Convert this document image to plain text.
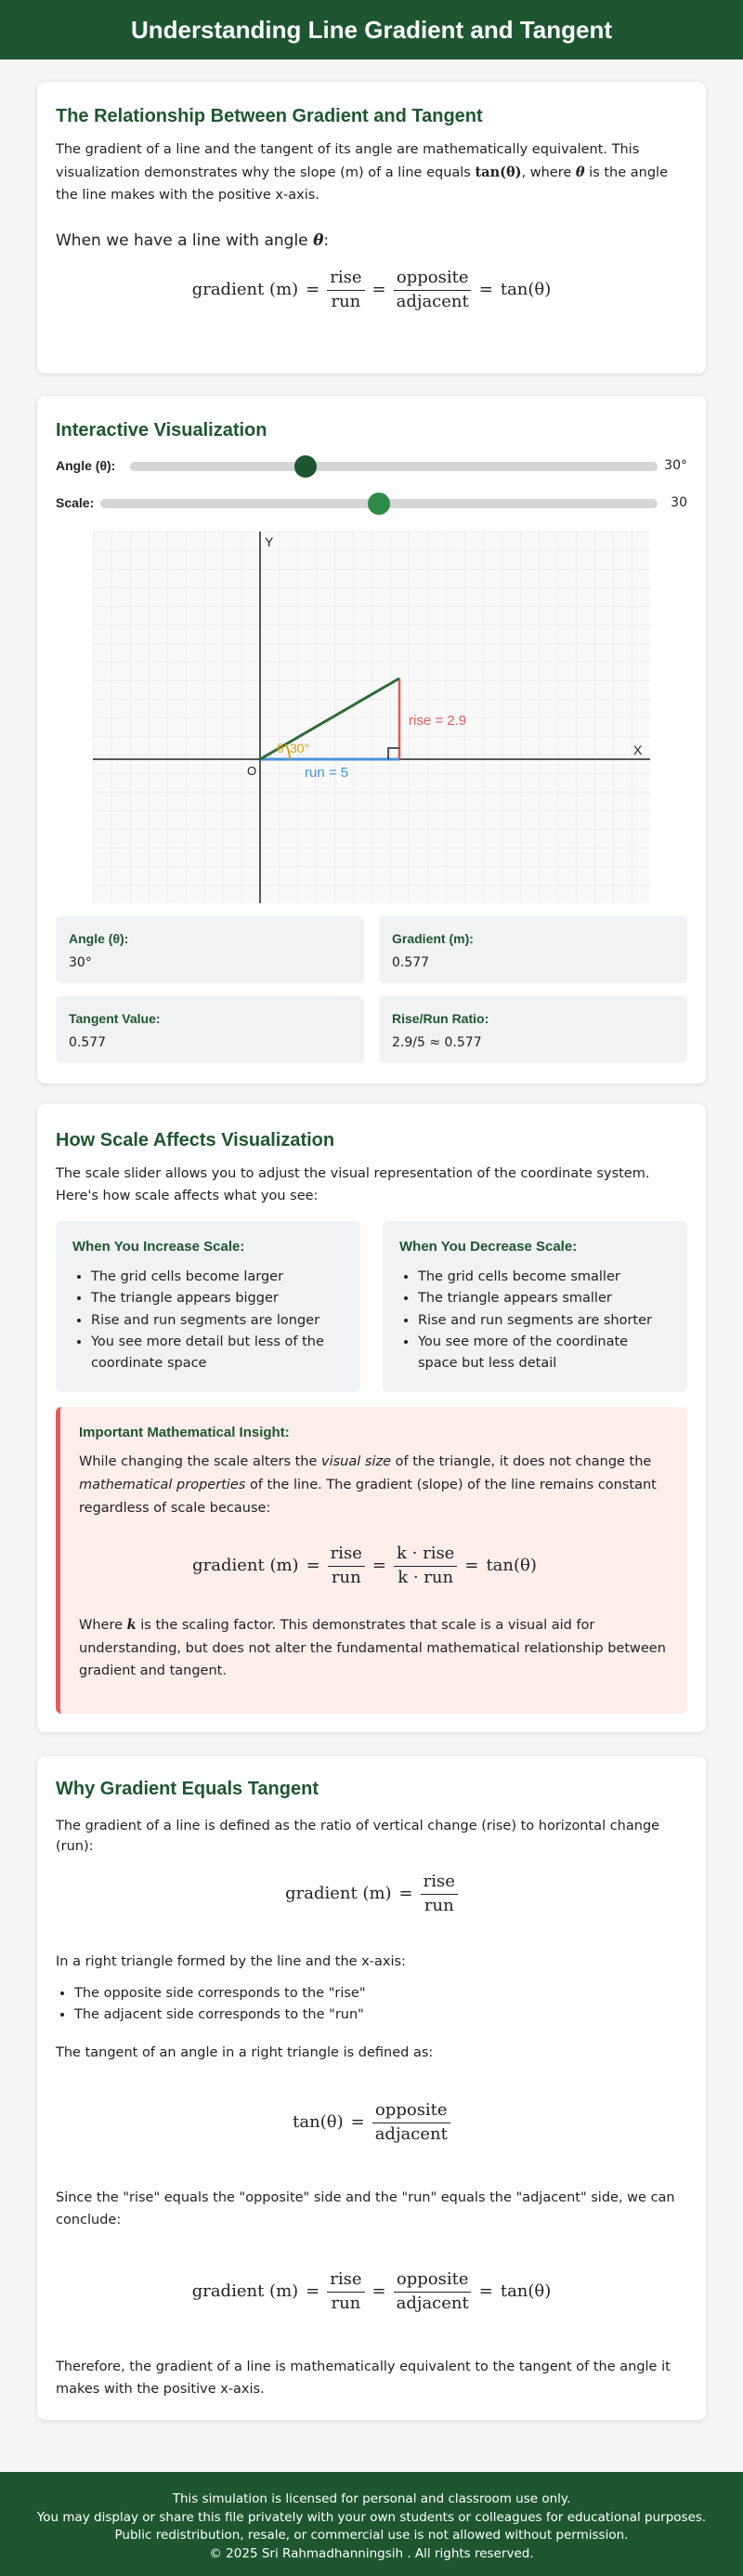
Understanding Line Gradient and Tangent
The Relationship Between Gradient and Tangent

The gradient of a line and the tangent of its angle are mathematically equivalent. This visualization demonstrates why the slope (m) of a line equals tan(θ), where θ is the angle the line makes with the positive x-axis.

When we have a line with angle θ:

gradient $(m) = \frac{\text{rise}}{\text{run}} = \frac{\text{opposite}}{\text{adjacent}} = \tan(\theta)$
Interactive Visualization
Angle (θ):	30°
Scale:	30
Y
X
O
θ 30°
rise = 2.9
run = 5
Angle (θ):
30°
Gradient (m):
0.577
Tangent Value:
0.577
Rise/Run Ratio:
2.9/5 ≈ 0.577
How Scale Affects Visualization

The scale slider allows you to adjust the visual representation of the coordinate system. Here's how scale affects what you see:

When You Increase Scale:
• The grid cells become larger
• The triangle appears bigger
• Rise and run segments are longer
• You see more detail but less of the coordinate space
When You Decrease Scale:
• The grid cells become smaller
• The triangle appears smaller
• Rise and run segments are shorter
• You see more of the coordinate space but less detail
Important Mathematical Insight:

While changing the scale alters the visual size of the triangle, it does not change the mathematical properties of the line. The gradient (slope) of the line remains constant regardless of scale because:

gradient $(m) = \frac{\text{rise}}{\text{run}} = \frac{\text{k · rise}}{\text{k · run}} = \tan(\theta)$

Where k is the scaling factor. This demonstrates that scale is a visual aid for understanding, but does not alter the fundamental mathematical relationship between gradient and tangent.

Why Gradient Equals Tangent

The gradient of a line is defined as the ratio of vertical change (rise) to horizontal change (run):

gradient $(m) = \frac{\text{rise}}{\text{run}}$

In a right triangle formed by the line and the x-axis:

• The opposite side corresponds to the "rise"
• The adjacent side corresponds to the "run"

The tangent of an angle in a right triangle is defined as:

$\tan(\theta) = \frac{\text{opposite}}{\text{adjacent}}$

Since the "rise" equals the "opposite" side and the "run" equals the "adjacent" side, we can conclude:

gradient $(m) = \frac{\text{rise}}{\text{run}} = \frac{\text{opposite}}{\text{adjacent}} = \tan(\theta)$

Therefore, the gradient of a line is mathematically equivalent to the tangent of the angle it makes with the positive x-axis.

This simulation is licensed for personal and classroom use only.
You may display or share this file privately with your own students or colleagues for educational purposes.
Public redistribution, resale, or commercial use is not allowed without permission.
© 2025 Sri Rahmadhanningsih . All rights reserved.
